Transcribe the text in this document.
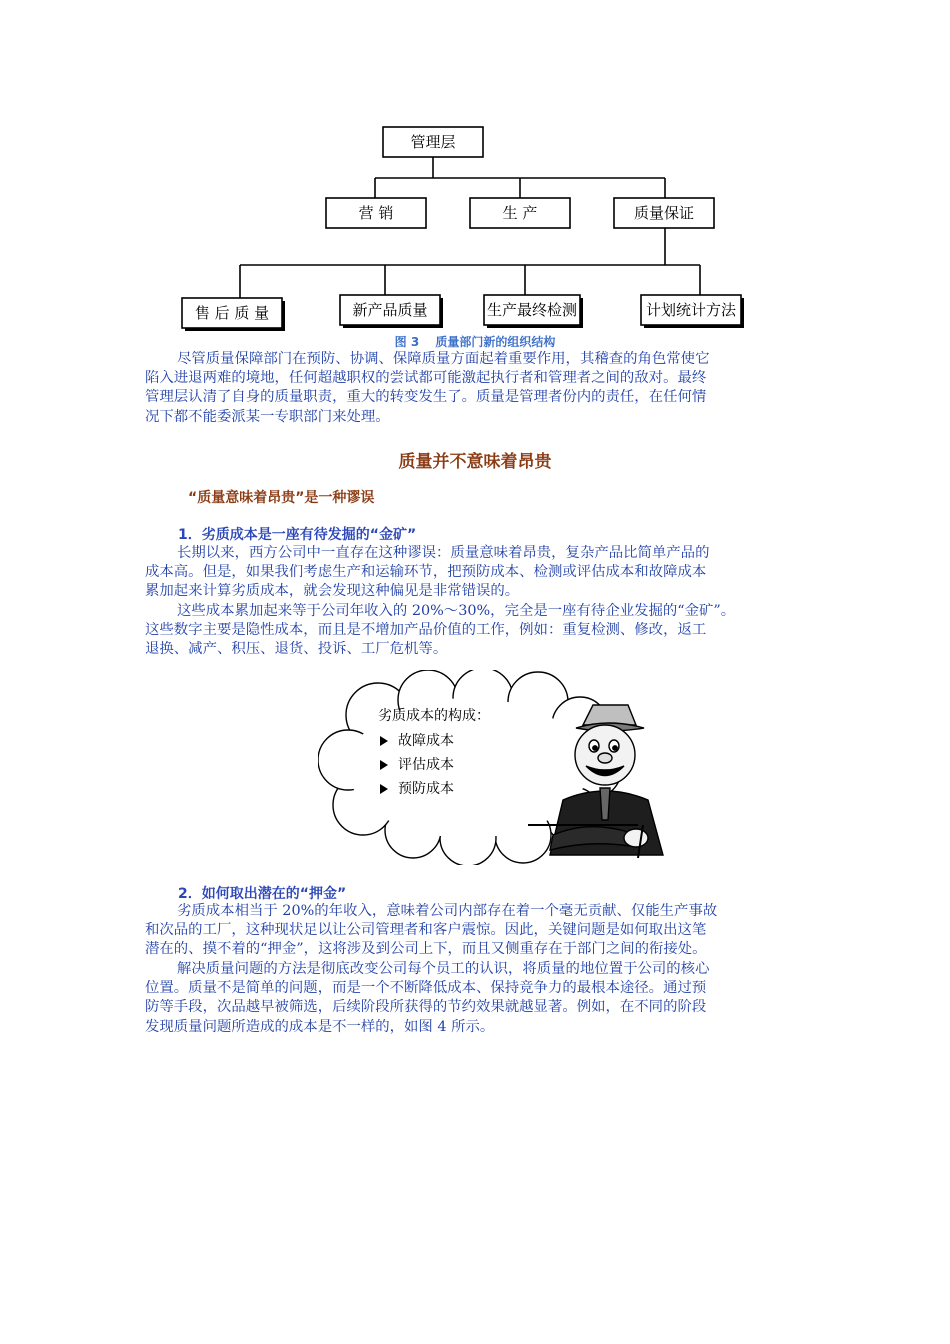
管理层
营 销	生 产	质量保证
售 后 质 量	新产品质量	生产最终检测	计划统计方法
图 3　 质量部门新的组织结构

尽管质量保障部门在预防、协调、保障质量方面起着重要作用，其稽查的角色常使它
陷入进退两难的境地，任何超越职权的尝试都可能激起执行者和管理者之间的敌对。最终
管理层认清了自身的质量职责，重大的转变发生了。质量是管理者份内的责任，在任何情
况下都不能委派某一专职部门来处理。

质量并不意味着昂贵
“质量意味着昂贵”是一种谬误
1．劣质成本是一座有待发掘的“金矿”

长期以来，西方公司中一直存在这种谬误：质量意味着昂贵，复杂产品比简单产品的
成本高。但是，如果我们考虑生产和运输环节，把预防成本、检测或评估成本和故障成本
累加起来计算劣质成本，就会发现这种偏见是非常错误的。

这些成本累加起来等于公司年收入的 20%～30%，完全是一座有待企业发掘的“金矿”。
这些数字主要是隐性成本，而且是不增加产品价值的工作，例如：重复检测、修改，返工
退换、减产、积压、退货、投诉、工厂危机等。

劣质成本的构成：
故障成本
评估成本
预防成本
2．如何取出潜在的“押金”

劣质成本相当于 20%的年收入，意味着公司内部存在着一个毫无贡献、仅能生产事故
和次品的工厂，这种现状足以让公司管理者和客户震惊。因此，关键问题是如何取出这笔
潜在的、摸不着的“押金”，这将涉及到公司上下，而且又侧重存在于部门之间的衔接处。

解决质量问题的方法是彻底改变公司每个员工的认识，将质量的地位置于公司的核心
位置。质量不是简单的问题，而是一个不断降低成本、保持竞争力的最根本途径。通过预
防等手段，次品越早被筛选，后续阶段所获得的节约效果就越显著。例如，在不同的阶段
发现质量问题所造成的成本是不一样的，如图 4 所示。
